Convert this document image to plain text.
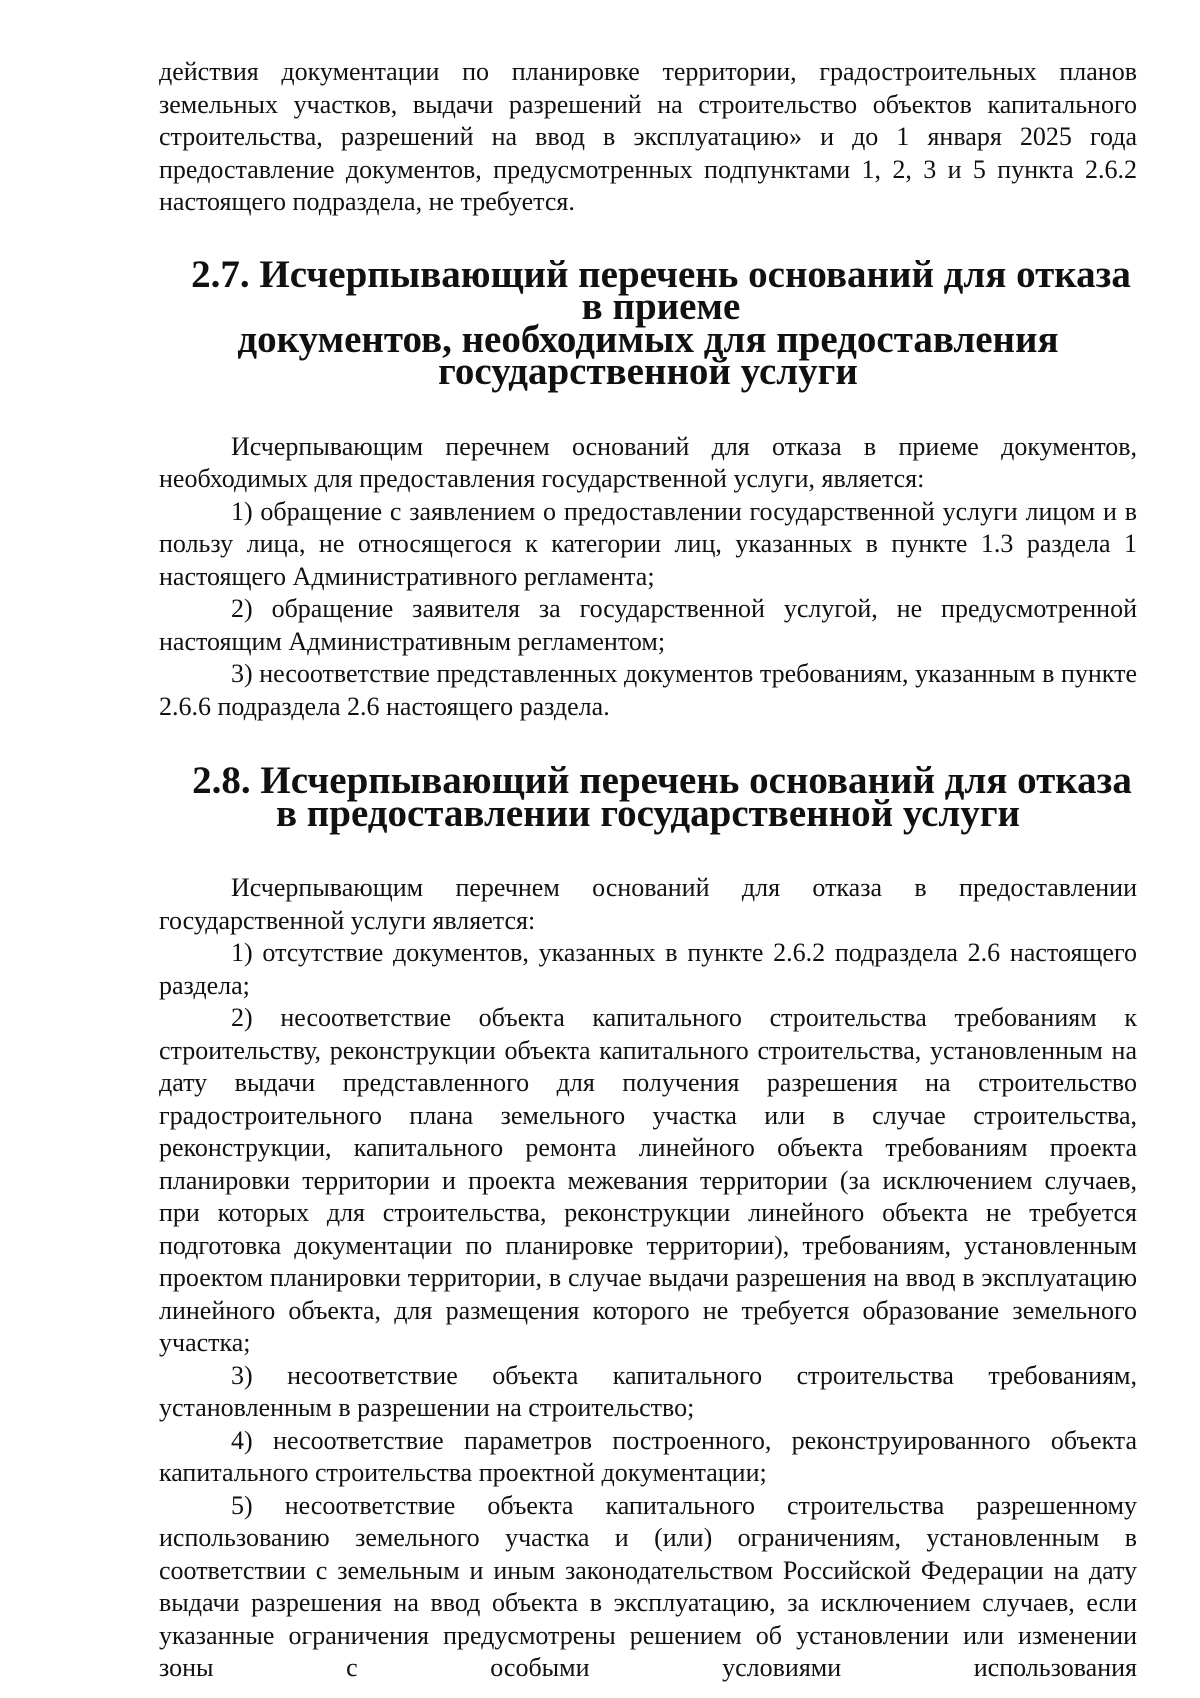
действия документации по планировке территории, градостроительных планов земельных участков, выдачи разрешений на строительство объектов капитального строительства, разрешений на ввод в эксплуатацию» и до 1 января 2025 года предоставление документов, предусмотренных подпунктами 1, 2, 3 и 5 пункта 2.6.2 настоящего подраздела, не требуется.

2.7. Исчерпывающий перечень оснований для отказа в приеме
документов, необходимых для предоставления государственной услуги

Исчерпывающим перечнем оснований для отказа в приеме документов, необходимых для предоставления государственной услуги, является:

1) обращение с заявлением о предоставлении государственной услуги лицом и в пользу лица, не относящегося к категории лиц, указанных в пункте 1.3 раздела 1 настоящего Административного регламента;

2) обращение заявителя за государственной услугой, не предусмотренной настоящим Административным регламентом;

3) несоответствие представленных документов требованиям, указанным в пункте 2.6.6 подраздела 2.6 настоящего раздела.

2.8. Исчерпывающий перечень оснований для отказа
в предоставлении государственной услуги

Исчерпывающим перечнем оснований для отказа в предоставлении государственной услуги является:

1) отсутствие документов, указанных в пункте 2.6.2 подраздела 2.6 настоящего раздела;

2) несоответствие объекта капитального строительства требованиям к строительству, реконструкции объекта капитального строительства, установленным на дату выдачи представленного для получения разрешения на строительство градостроительного плана земельного участка или в случае строительства, реконструкции, капитального ремонта линейного объекта требованиям проекта планировки территории и проекта межевания территории (за исключением случаев, при которых для строительства, реконструкции линейного объекта не требуется подготовка документации по планировке территории), требованиям, установленным проектом планировки территории, в случае выдачи разрешения на ввод в эксплуатацию линейного объекта, для размещения которого не требуется образование земельного участка;

3) несоответствие объекта капитального строительства требованиям, установленным в разрешении на строительство;

4) несоответствие параметров построенного, реконструированного объекта капитального строительства проектной документации;

5) несоответствие объекта капитального строительства разрешенному использованию земельного участка и (или) ограничениям, установленным в соответствии с земельным и иным законодательством Российской Федерации на дату выдачи разрешения на ввод объекта в эксплуатацию, за исключением случаев, если указанные ограничения предусмотрены решением об установлении или изменении зоны с особыми условиями использования
